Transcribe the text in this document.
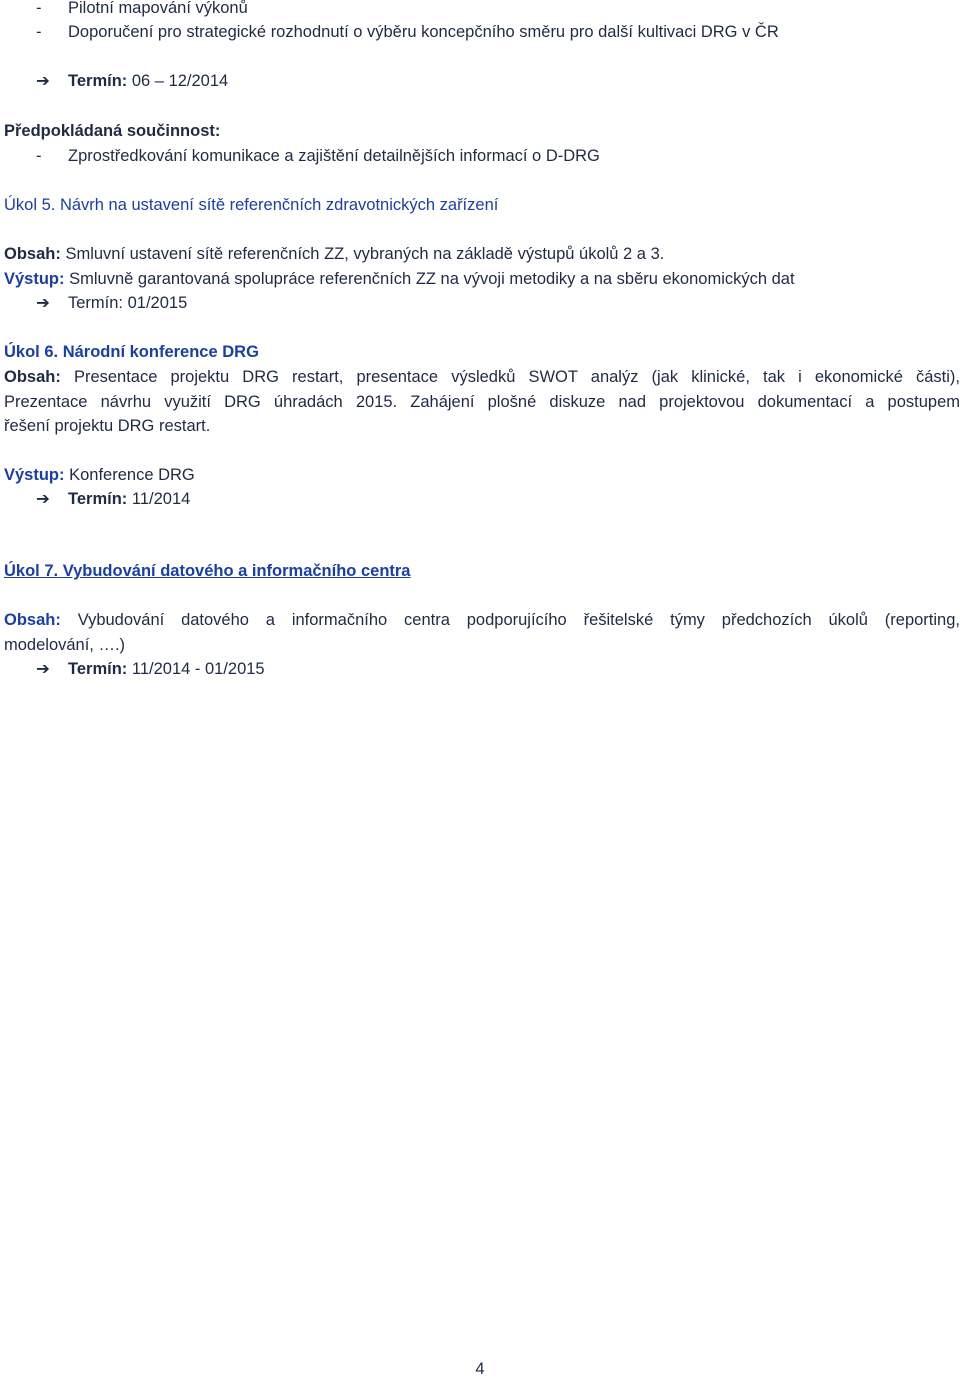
- Pilotní mapování výkonů
- Doporučení pro strategické rozhodnutí o výběru koncepčního směru pro další kultivaci DRG v ČR
➔ Termín: 06 – 12/2014
Předpokládaná součinnost:
- Zprostředkování komunikace a zajištění detailnějších informací o D-DRG
Úkol 5. Návrh na ustavení sítě referenčních zdravotnických zařízení
Obsah: Smluvní ustavení sítě referenčních ZZ, vybraných na základě výstupů úkolů 2 a 3.
Výstup: Smluvně garantovaná spolupráce referenčních ZZ na vývoji metodiky a na sběru ekonomických dat
➔ Termín: 01/2015
Úkol 6. Národní konference DRG
Obsah: Presentace projektu DRG restart, presentace výsledků SWOT analýz (jak klinické, tak i ekonomické části),
Prezentace návrhu využití DRG úhradách 2015. Zahájení plošné diskuze nad projektovou dokumentací a postupem
řešení projektu DRG restart.
Výstup: Konference DRG
➔ Termín: 11/2014
Úkol 7. Vybudování datového a informačního centra
Obsah: Vybudování datového a informačního centra podporujícího řešitelské týmy předchozích úkolů (reporting,
modelování, ….)
➔ Termín: 11/2014 - 01/2015
4
